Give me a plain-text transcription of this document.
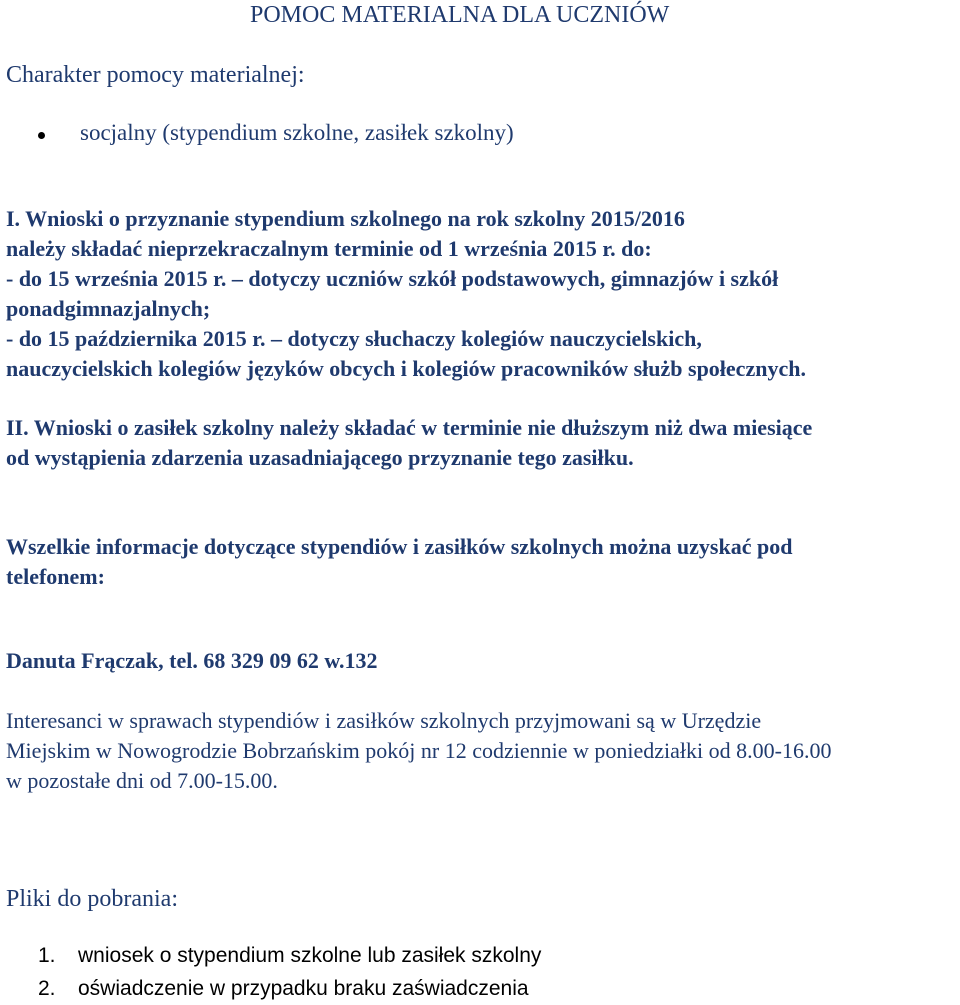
POMOC MATERIALNA DLA UCZNIÓW
Charakter pomocy materialnej:
socjalny (stypendium szkolne, zasiłek szkolny)
I. Wnioski o przyznanie stypendium szkolnego na rok szkolny 2015/2016
należy składać nieprzekraczalnym terminie od 1 września 2015 r. do:
- do 15 września 2015 r. – dotyczy uczniów szkół podstawowych, gimnazjów i szkół
ponadgimnazjalnych;
- do 15 października 2015 r. – dotyczy słuchaczy kolegiów nauczycielskich,
nauczycielskich kolegiów języków obcych i kolegiów pracowników służb społecznych.
II. Wnioski o zasiłek szkolny należy składać w terminie nie dłuższym niż dwa miesiące
od wystąpienia zdarzenia uzasadniającego przyznanie tego zasiłku.
Wszelkie informacje dotyczące stypendiów i zasiłków szkolnych można uzyskać pod
telefonem:
Danuta Frączak, tel. 68 329 09 62 w.132
Interesanci w sprawach stypendiów i zasiłków szkolnych przyjmowani są w Urzędzie
Miejskim w Nowogrodzie Bobrzańskim pokój nr 12 codziennie w poniedziałki od 8.00-16.00
w pozostałe dni od 7.00-15.00.
Pliki do pobrania:
1. wniosek o stypendium szkolne lub zasiłek szkolny
2. oświadczenie w przypadku braku zaświadczenia
